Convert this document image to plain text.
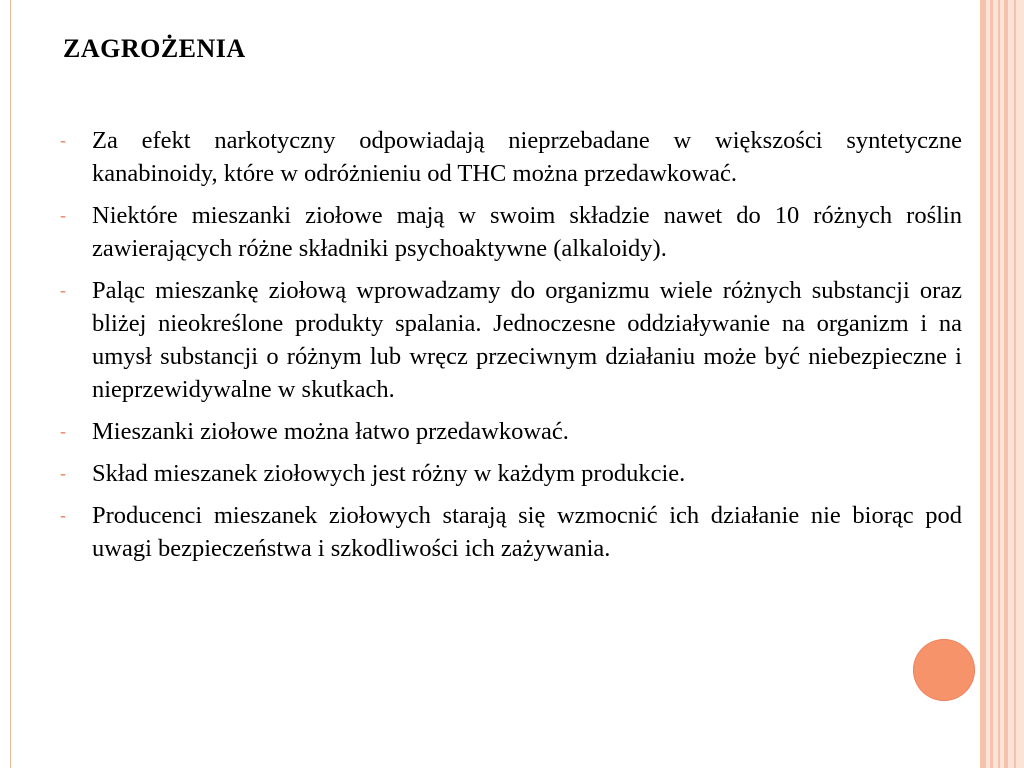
ZAGROŻENIA
- Za efekt narkotyczny odpowiadają nieprzebadane w większości syntetyczne kanabinoidy, które w odróżnieniu od THC można przedawkować.
- Niektóre mieszanki ziołowe mają w swoim składzie nawet do 10 różnych roślin zawierających różne składniki psychoaktywne (alkaloidy).
- Paląc mieszankę ziołową wprowadzamy do organizmu wiele różnych substancji oraz bliżej nieokreślone produkty spalania. Jednoczesne oddziaływanie na organizm i na umysł substancji o różnym lub wręcz przeciwnym działaniu może być niebezpieczne i nieprzewidywalne w skutkach.
- Mieszanki ziołowe można łatwo przedawkować.
- Skład mieszanek ziołowych jest różny w każdym produkcie.
- Producenci mieszanek ziołowych starają się wzmocnić ich działanie nie biorąc pod uwagi bezpieczeństwa i szkodliwości ich zażywania.
